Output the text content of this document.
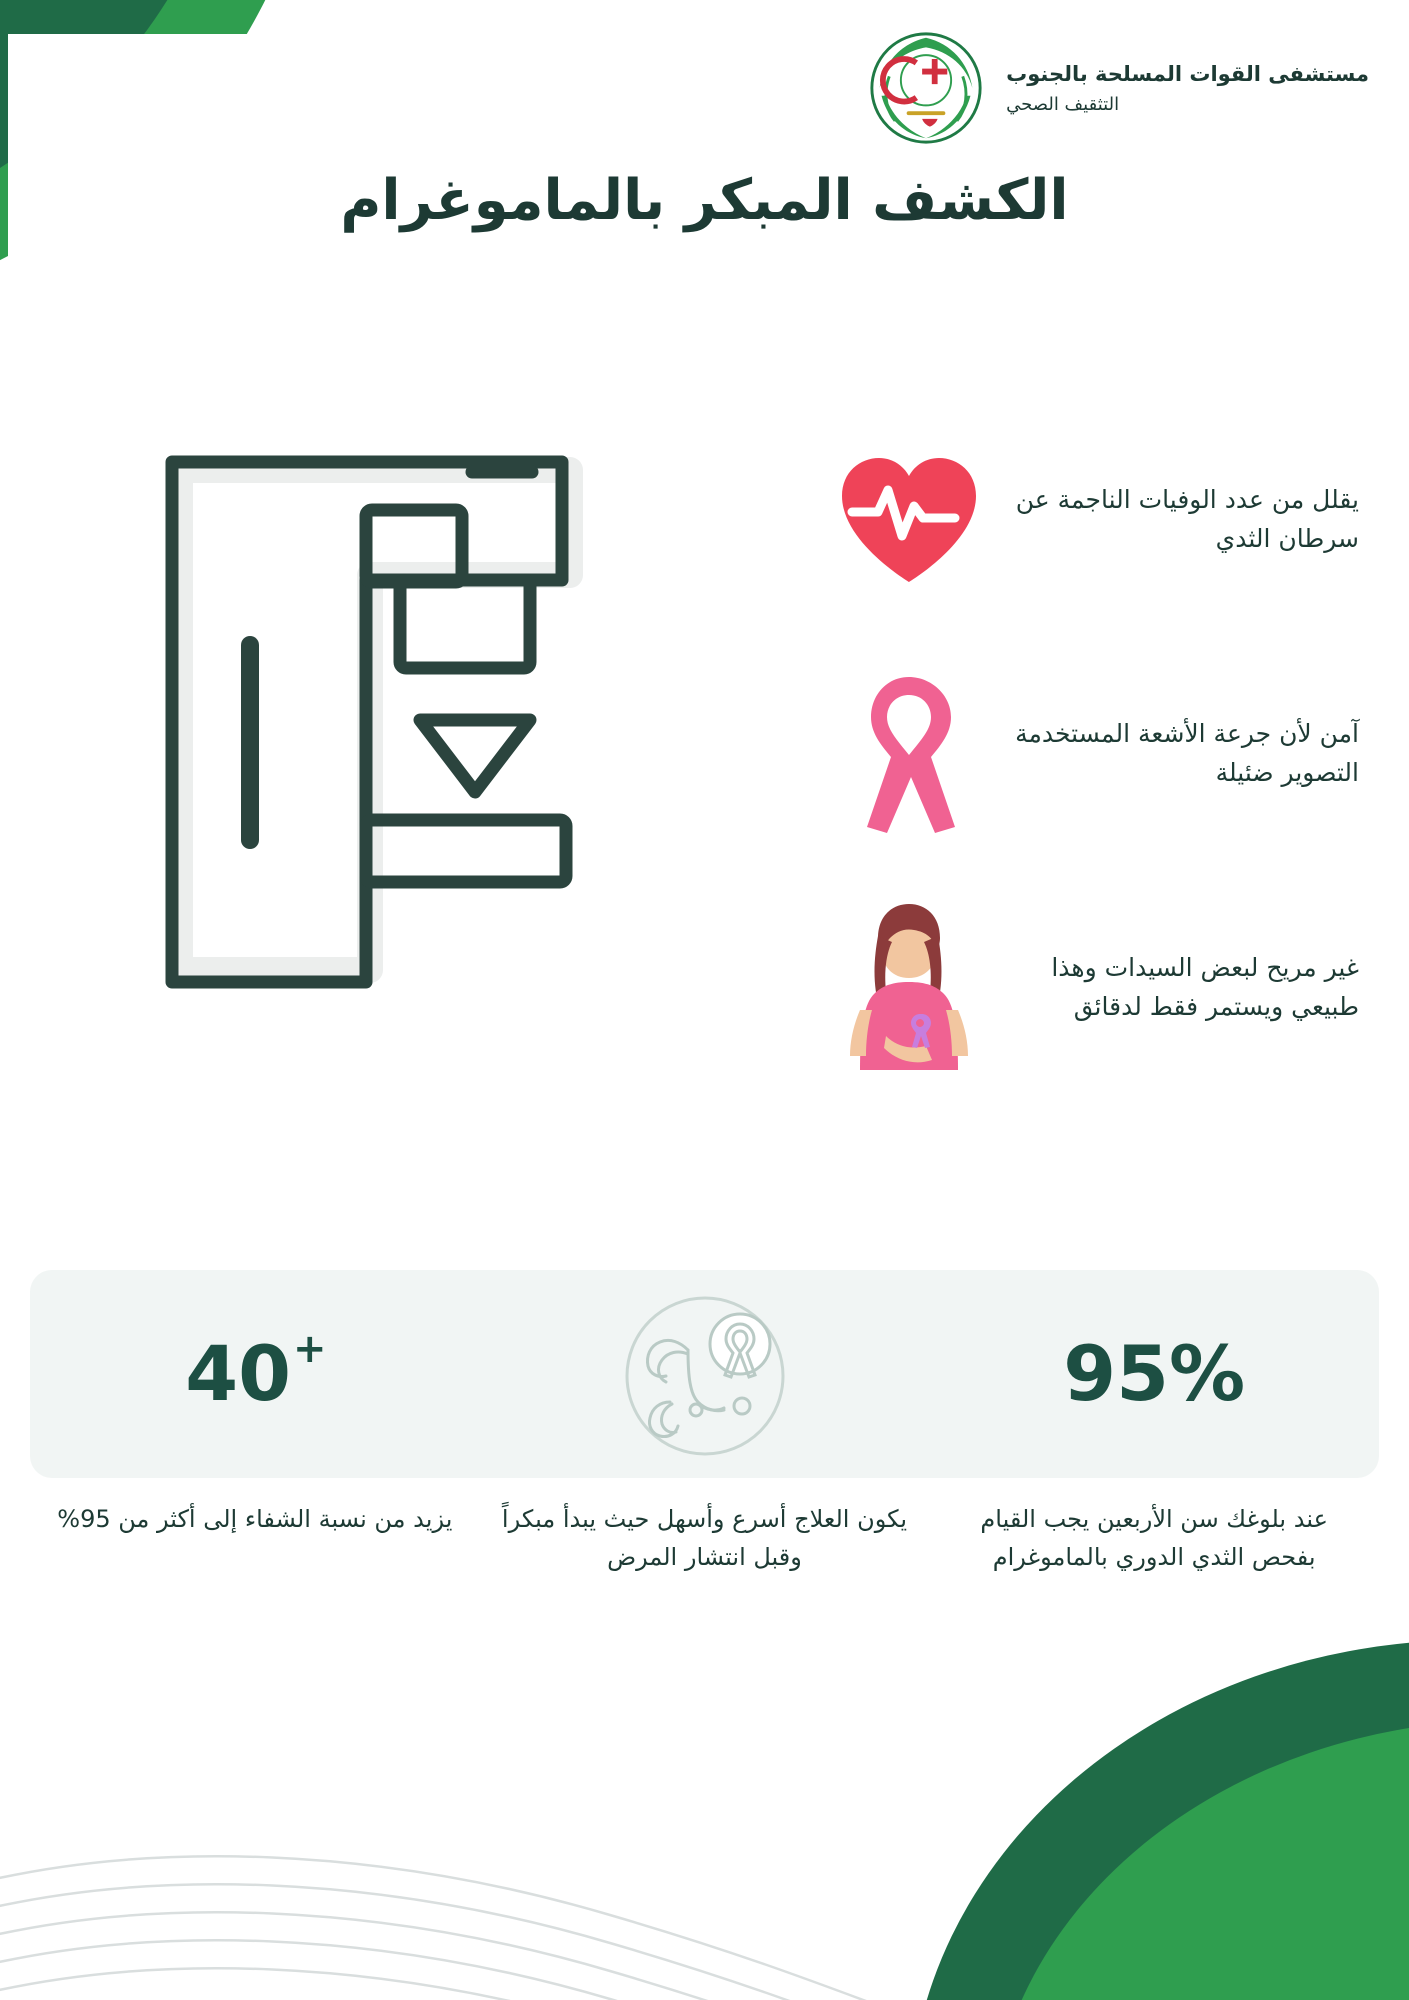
مستشفى القوات المسلحة بالجنوب
التثقيف الصحي
الكشف المبكر بالماموغرام
يقلل من عدد الوفيات الناجمة عن سرطان الثدي
آمن لأن جرعة الأشعة المستخدمة التصوير ضئيلة
غير مريح لبعض السيدات وهذا طبيعي ويستمر فقط لدقائق
95%
40+
عند بلوغك سن الأربعين يجب القيام بفحص الثدي الدوري بالماموغرام
يكون العلاج أسرع وأسهل حيث يبدأ مبكراً وقبل انتشار المرض
يزيد من نسبة الشفاء إلى أكثر من 95%
